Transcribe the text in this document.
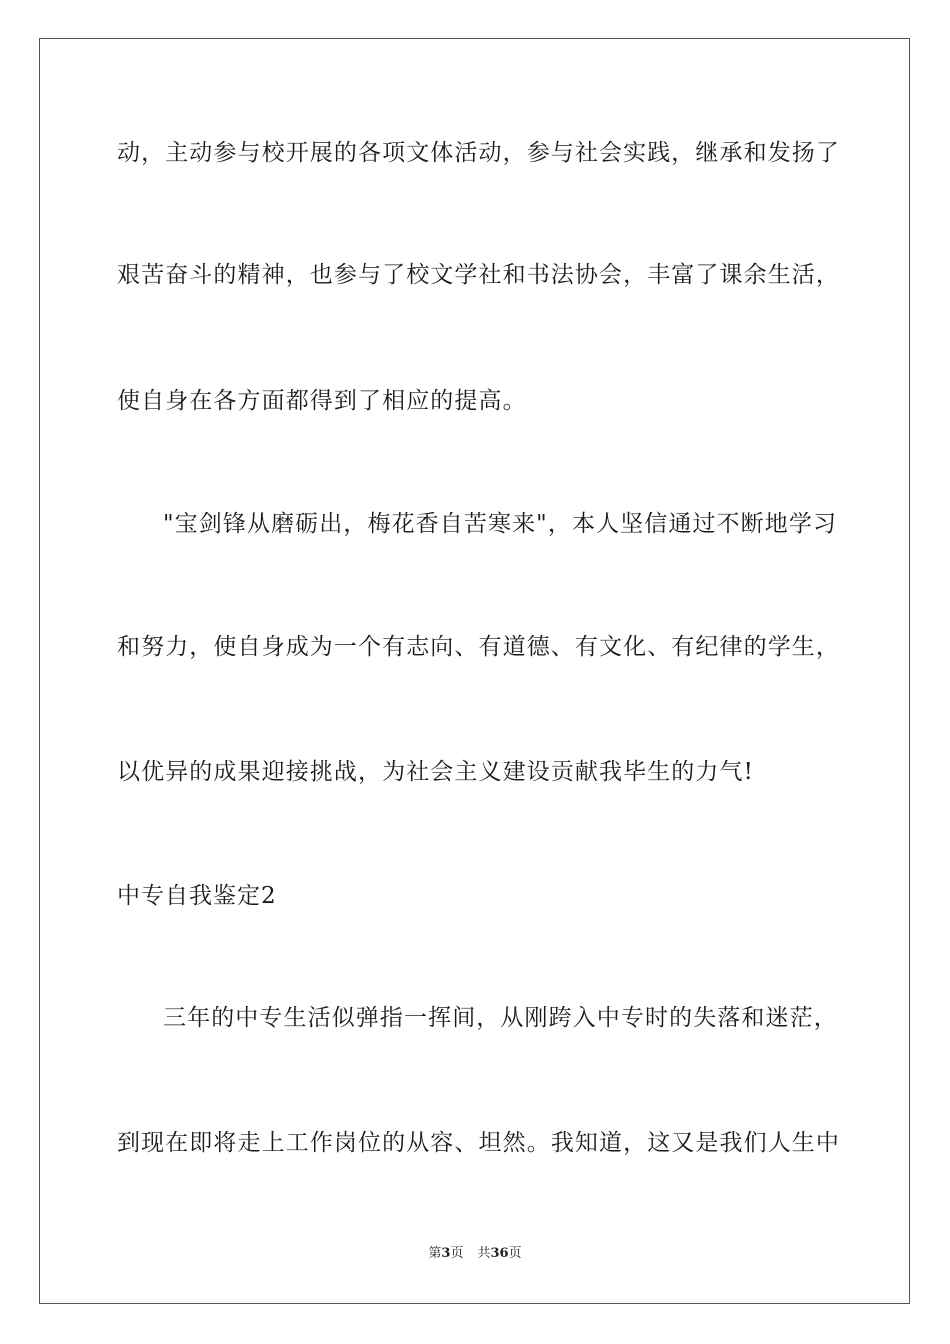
动，主动参与校开展的各项文体活动，参与社会实践，继承和发扬了
艰苦奋斗的精神，也参与了校文学社和书法协会，丰富了课余生活，
使自身在各方面都得到了相应的提高。
"宝剑锋从磨砺出，梅花香自苦寒来"，本人坚信通过不断地学习
和努力，使自身成为一个有志向、有道德、有文化、有纪律的学生，
以优异的成果迎接挑战，为社会主义建设贡献我毕生的力气!
中专自我鉴定2
三年的中专生活似弹指一挥间，从刚跨入中专时的失落和迷茫，
到现在即将走上工作岗位的从容、坦然。我知道，这又是我们人生中
第3页 共36页
